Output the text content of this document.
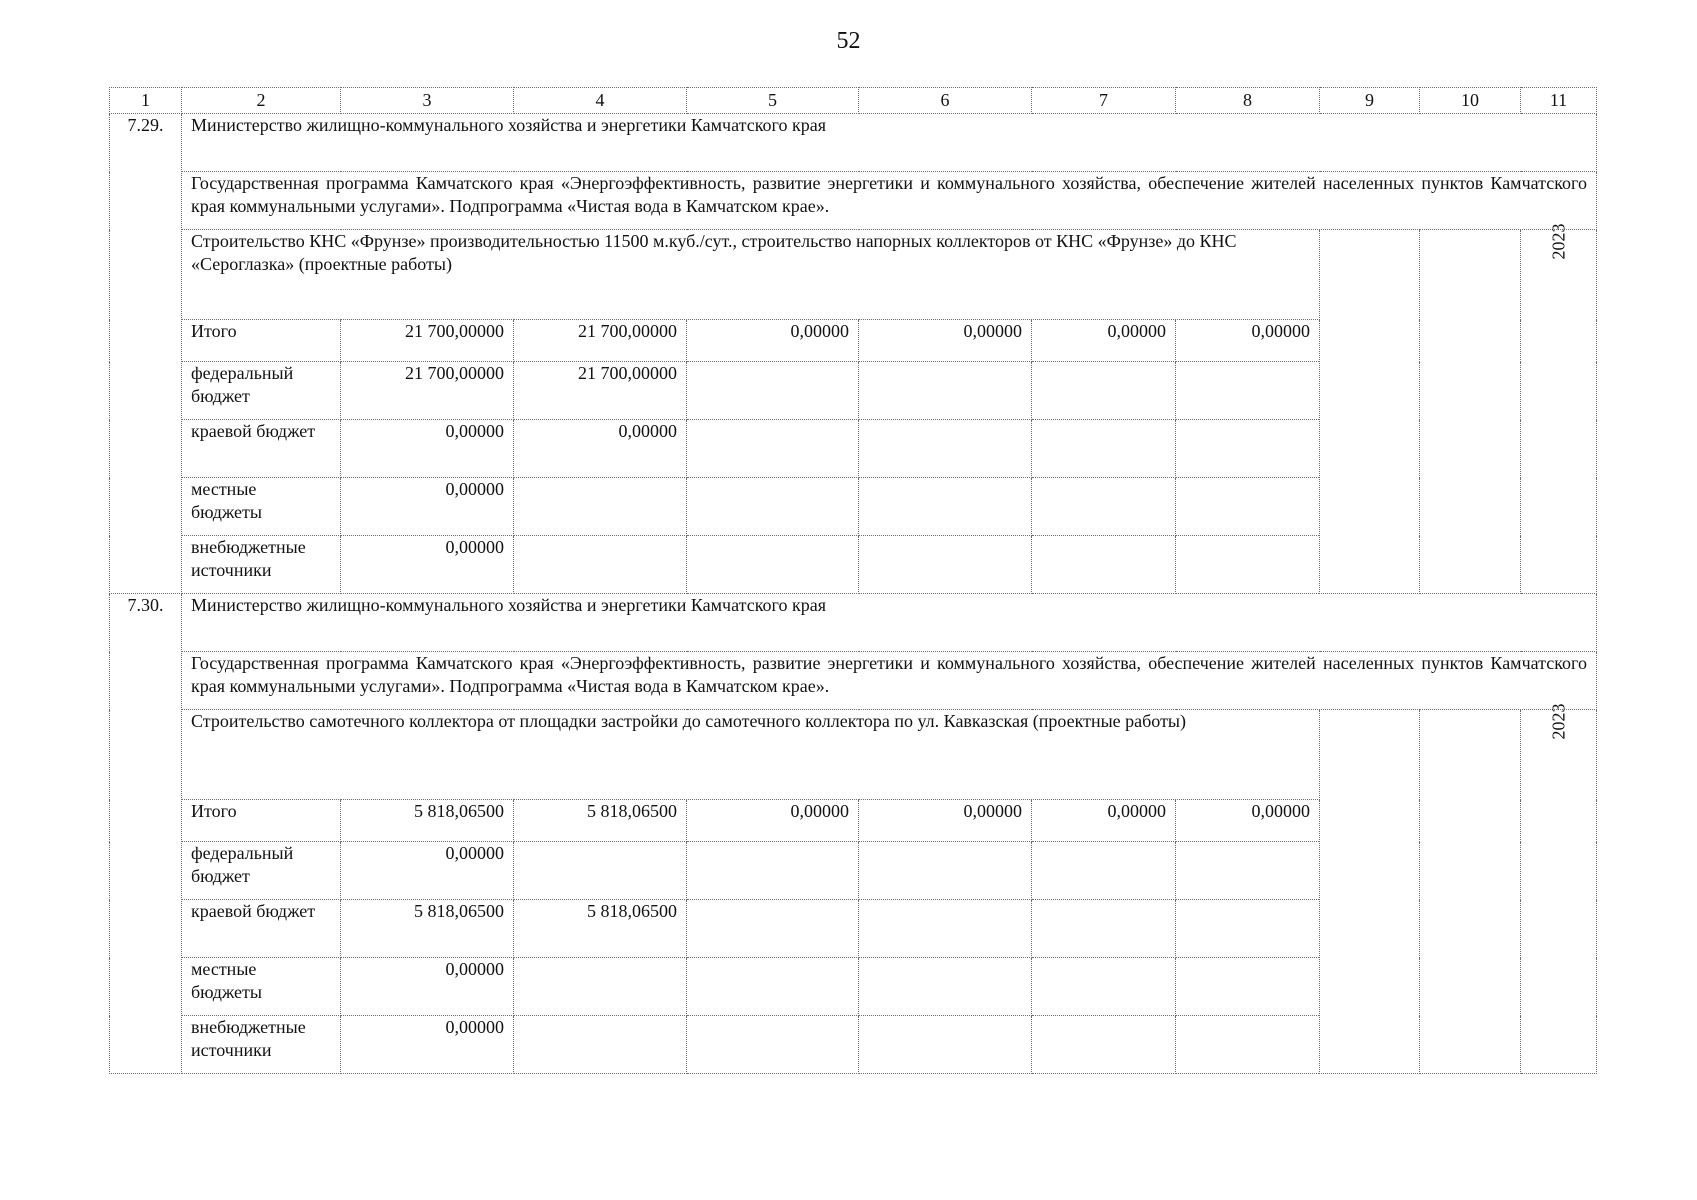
52
1	2	3	4	5	6	7	8	9	10	11
7.29.	Министерство жилищно-коммунального хозяйства и энергетики Камчатского края									
	Государственная программа Камчатского края «Энергоэффективность, развитие энергетики и коммунального хозяйства, обеспечение жителей населенных пунктов Камчатского края коммунальными услугами». Подпрограмма «Чистая вода в Камчатском крае».									
	Строительство КНС «Фрунзе» производительностью 11500 м.куб./сут., строительство напорных коллекторов от КНС «Фрунзе» до КНС «Сероглазка» (проектные работы)									2023
	Итого	21 700,00000	21 700,00000	0,00000	0,00000	0,00000	0,00000			
	федеральный бюджет	21 700,00000	21 700,00000							
	краевой бюджет	0,00000	0,00000							
	местные бюджеты	0,00000								
	внебюджетные источники	0,00000								
7.30.	Министерство жилищно-коммунального хозяйства и энергетики Камчатского края									
	Государственная программа Камчатского края «Энергоэффективность, развитие энергетики и коммунального хозяйства, обеспечение жителей населенных пунктов Камчатского края коммунальными услугами». Подпрограмма «Чистая вода в Камчатском крае».									
	Строительство самотечного коллектора от площадки застройки до самотечного коллектора по ул. Кавказская (проектные работы)									2023
	Итого	5 818,06500	5 818,06500	0,00000	0,00000	0,00000	0,00000			
	федеральный бюджет	0,00000								
	краевой бюджет	5 818,06500	5 818,06500							
	местные бюджеты	0,00000								
	внебюджетные источники	0,00000								
